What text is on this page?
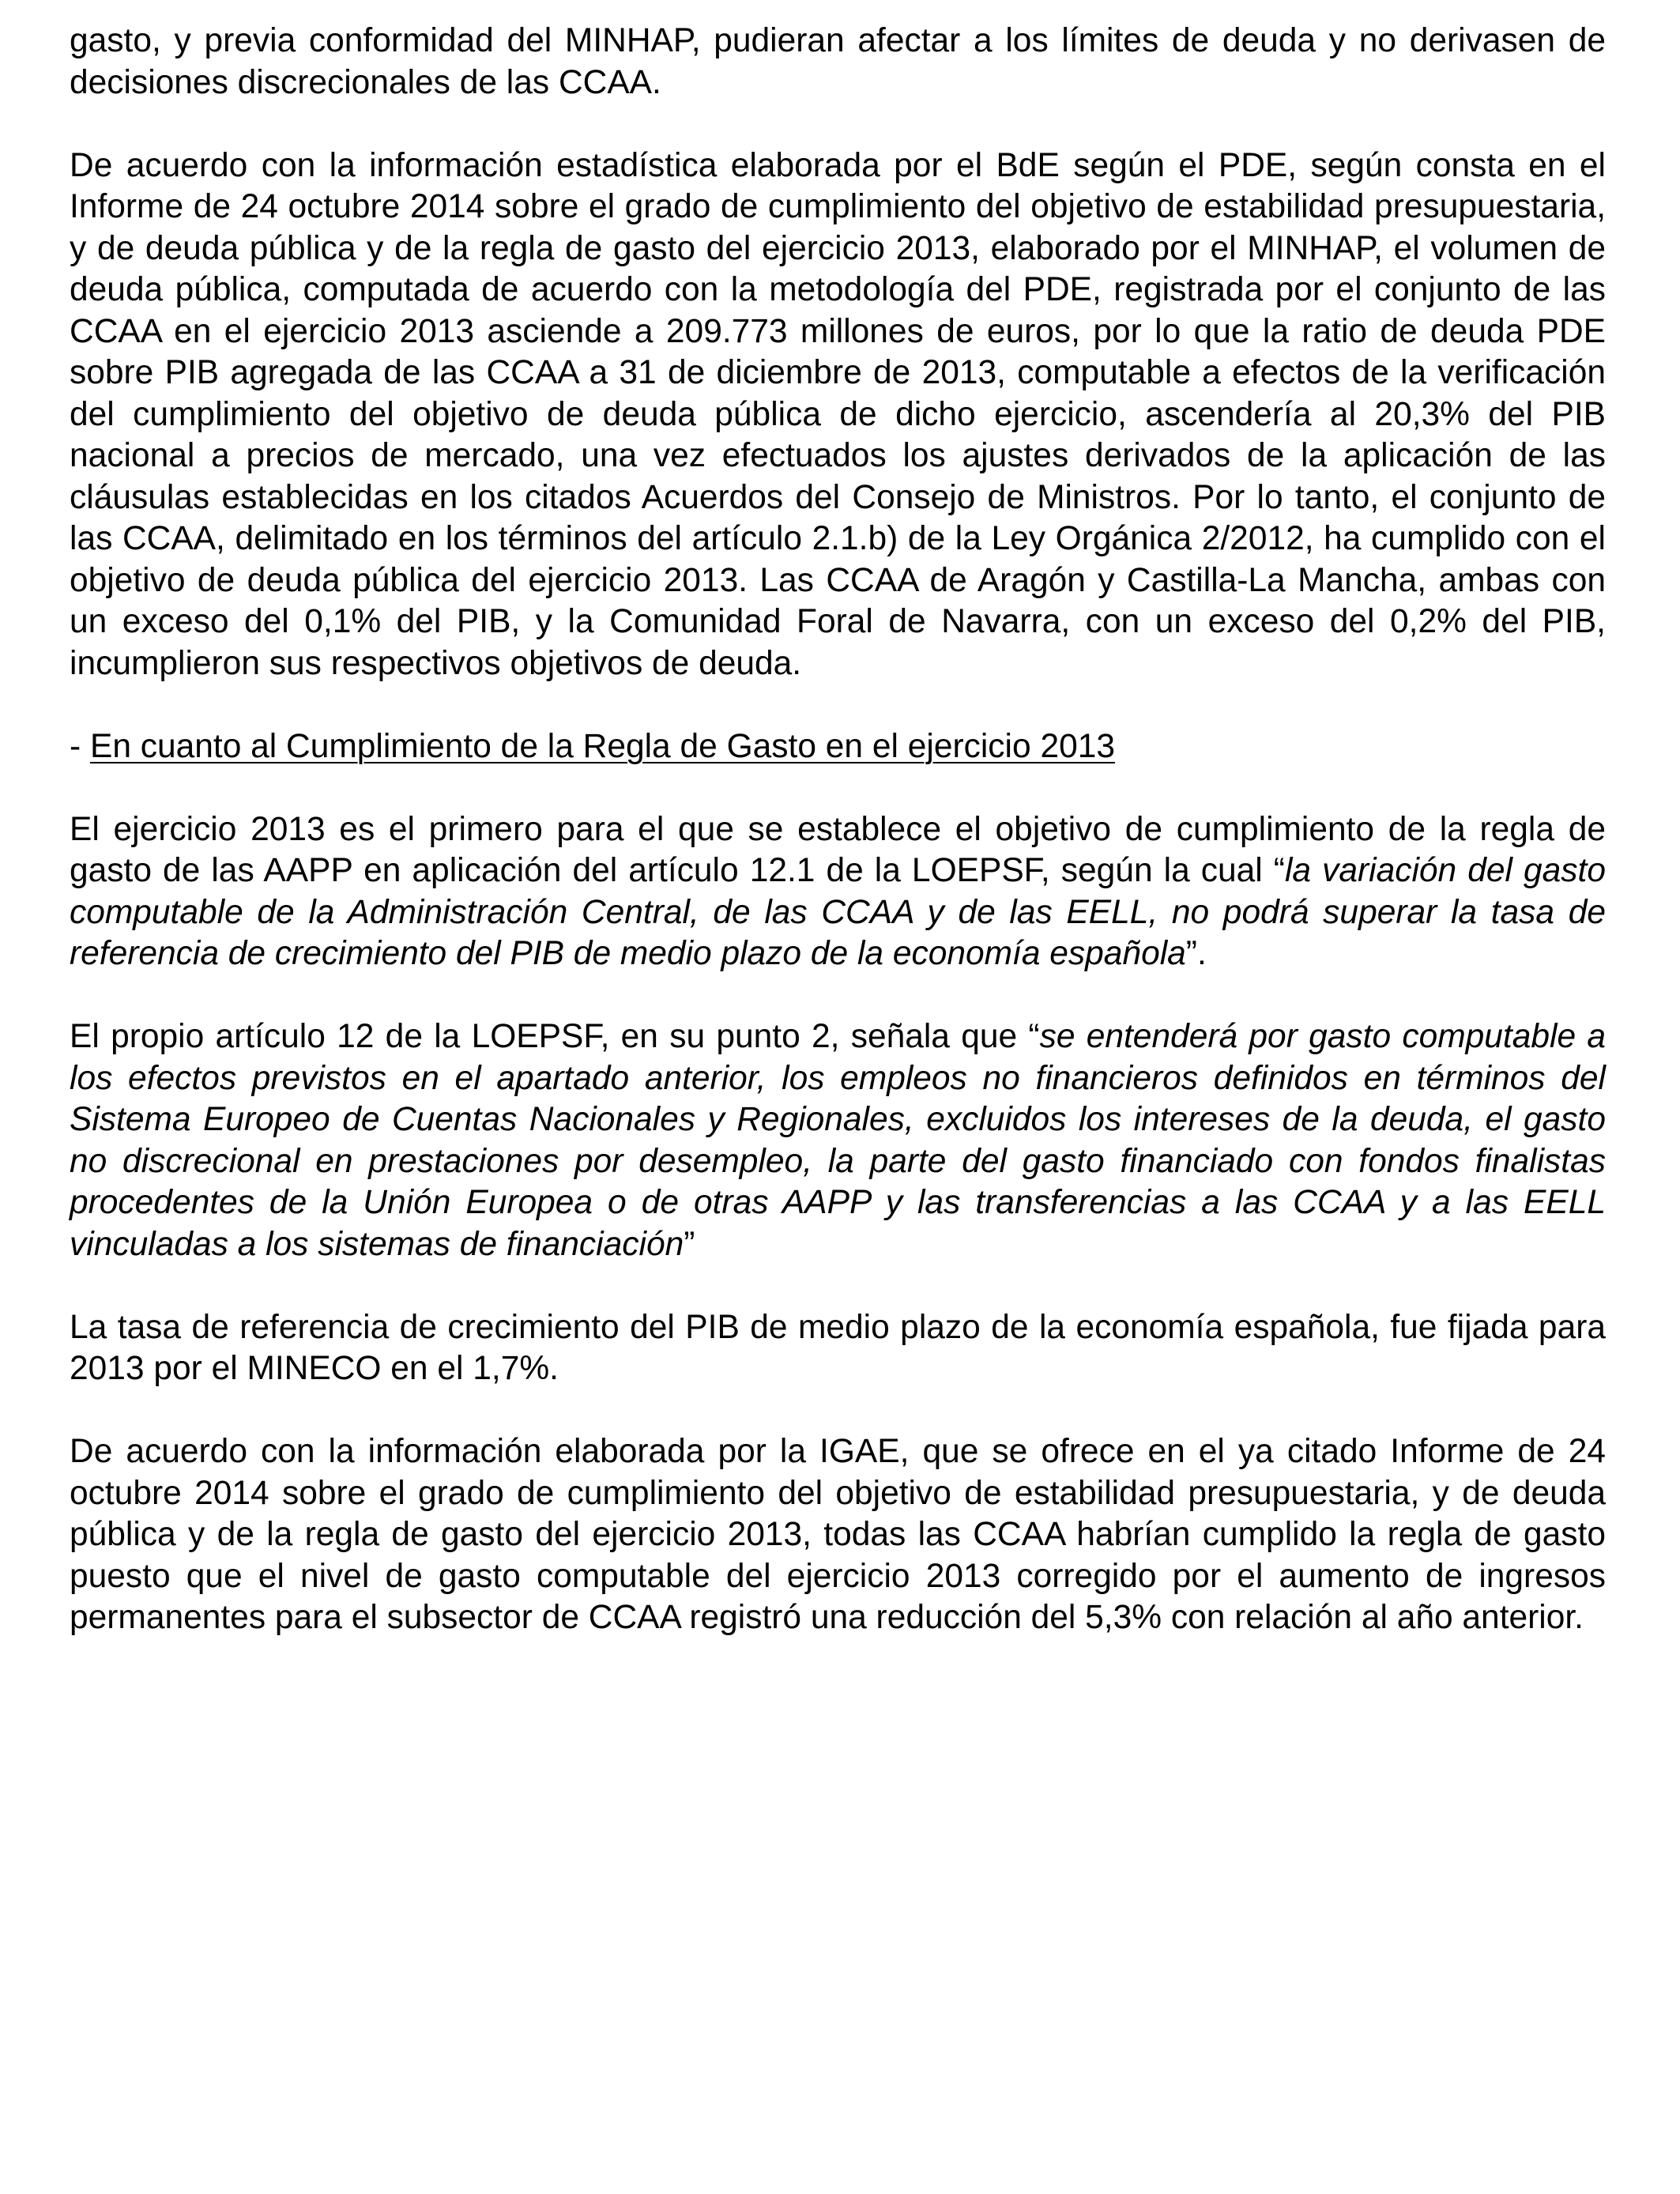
gasto, y previa conformidad del MINHAP, pudieran afectar a los límites de deuda y no derivasen de decisiones discrecionales de las CCAA.

De acuerdo con la información estadística elaborada por el BdE según el PDE, según consta en el Informe de 24 octubre 2014 sobre el grado de cumplimiento del objetivo de estabilidad presupuestaria, y de deuda pública y de la regla de gasto del ejercicio 2013, elaborado por el MINHAP, el volumen de deuda pública, computada de acuerdo con la metodología del PDE, registrada por el conjunto de las CCAA en el ejercicio 2013 asciende a 209.773 millones de euros, por lo que la ratio de deuda PDE sobre PIB agregada de las CCAA a 31 de diciembre de 2013, computable a efectos de la verificación del cumplimiento del objetivo de deuda pública de dicho ejercicio, ascendería al 20,3% del PIB nacional a precios de mercado, una vez efectuados los ajustes derivados de la aplicación de las cláusulas establecidas en los citados Acuerdos del Consejo de Ministros. Por lo tanto, el conjunto de las CCAA, delimitado en los términos del artículo 2.1.b) de la Ley Orgánica 2/2012, ha cumplido con el objetivo de deuda pública del ejercicio 2013. Las CCAA de Aragón y Castilla-La Mancha, ambas con un exceso del 0,1% del PIB, y la Comunidad Foral de Navarra, con un exceso del 0,2% del PIB, incumplieron sus respectivos objetivos de deuda.

- En cuanto al Cumplimiento de la Regla de Gasto en el ejercicio 2013

El ejercicio 2013 es el primero para el que se establece el objetivo de cumplimiento de la regla de gasto de las AAPP en aplicación del artículo 12.1 de la LOEPSF, según la cual “la variación del gasto computable de la Administración Central, de las CCAA y de las EELL, no podrá superar la tasa de referencia de crecimiento del PIB de medio plazo de la economía española”.

El propio artículo 12 de la LOEPSF, en su punto 2, señala que “se entenderá por gasto computable a los efectos previstos en el apartado anterior, los empleos no financieros definidos en términos del Sistema Europeo de Cuentas Nacionales y Regionales, excluidos los intereses de la deuda, el gasto no discrecional en prestaciones por desempleo, la parte del gasto financiado con fondos finalistas procedentes de la Unión Europea o de otras AAPP y las transferencias a las CCAA y a las EELL vinculadas a los sistemas de financiación”

La tasa de referencia de crecimiento del PIB de medio plazo de la economía española, fue fijada para 2013 por el MINECO en el 1,7%.

De acuerdo con la información elaborada por la IGAE, que se ofrece en el ya citado Informe de 24 octubre 2014 sobre el grado de cumplimiento del objetivo de estabilidad presupuestaria, y de deuda pública y de la regla de gasto del ejercicio 2013, todas las CCAA habrían cumplido la regla de gasto puesto que el nivel de gasto computable del ejercicio 2013 corregido por el aumento de ingresos permanentes para el subsector de CCAA registró una reducción del 5,3% con relación al año anterior.
